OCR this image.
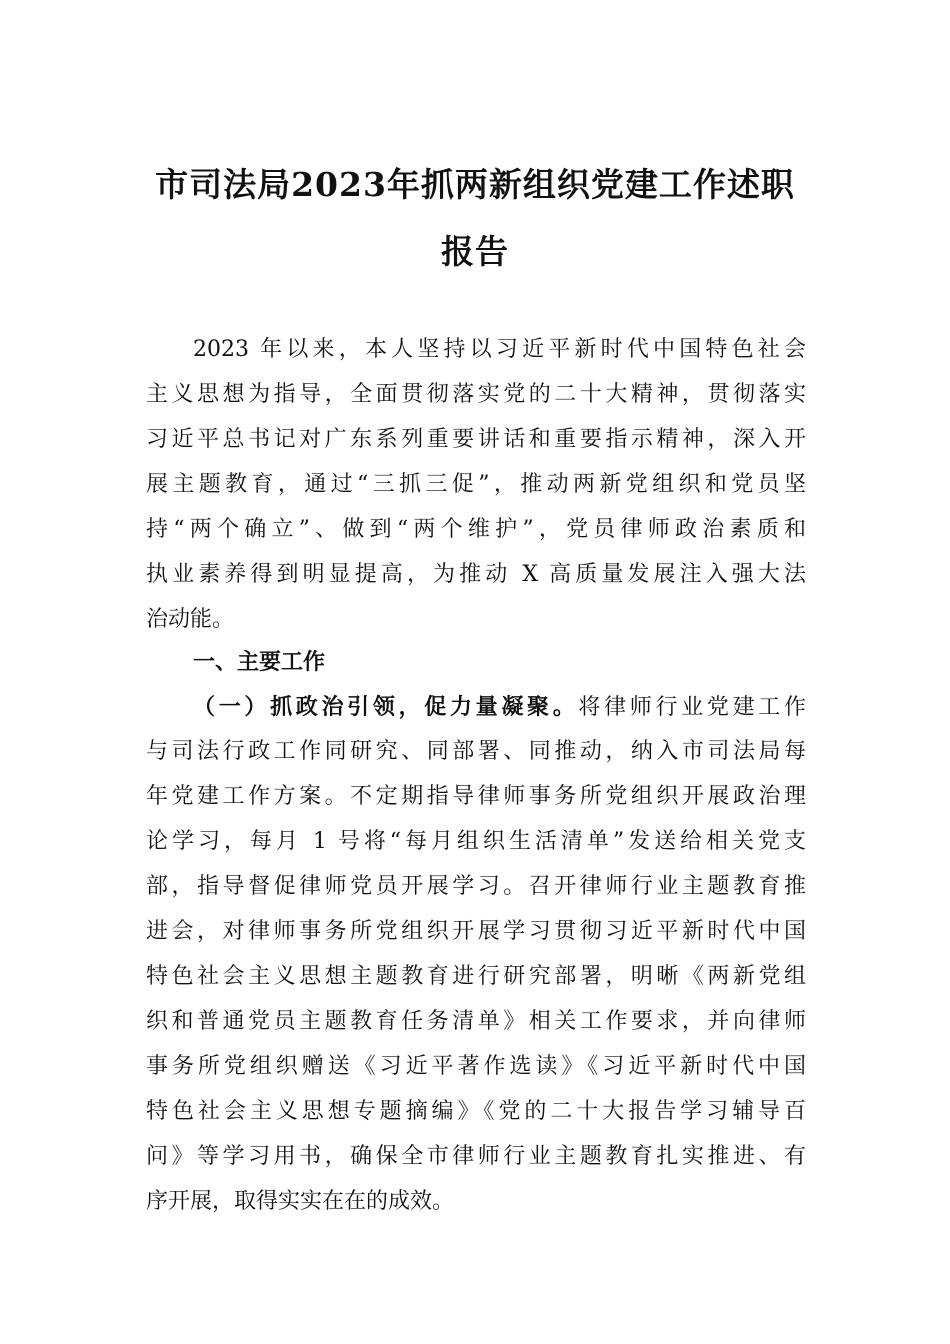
市司法局2023年抓两新组织党建工作述职
报告
2023 年以来，本人坚持以习近平新时代中国特色社会
主义思想为指导，全面贯彻落实党的二十大精神，贯彻落实
习近平总书记对广东系列重要讲话和重要指示精神，深入开
展主题教育，通过“三抓三促”，推动两新党组织和党员坚
持“两个确立”、做到“两个维护”，党员律师政治素质和
执业素养得到明显提高，为推动 X 高质量发展注入强大法
治动能。
一、主要工作
（一）抓政治引领，促力量凝聚。将律师行业党建工作
与司法行政工作同研究、同部署、同推动，纳入市司法局每
年党建工作方案。不定期指导律师事务所党组织开展政治理
论学习，每月 1 号将“每月组织生活清单”发送给相关党支
部，指导督促律师党员开展学习。召开律师行业主题教育推
进会，对律师事务所党组织开展学习贯彻习近平新时代中国
特色社会主义思想主题教育进行研究部署，明晰《两新党组
织和普通党员主题教育任务清单》相关工作要求，并向律师
事务所党组织赠送《习近平著作选读》《习近平新时代中国
特色社会主义思想专题摘编》《党的二十大报告学习辅导百
问》等学习用书，确保全市律师行业主题教育扎实推进、有
序开展，取得实实在在的成效。
